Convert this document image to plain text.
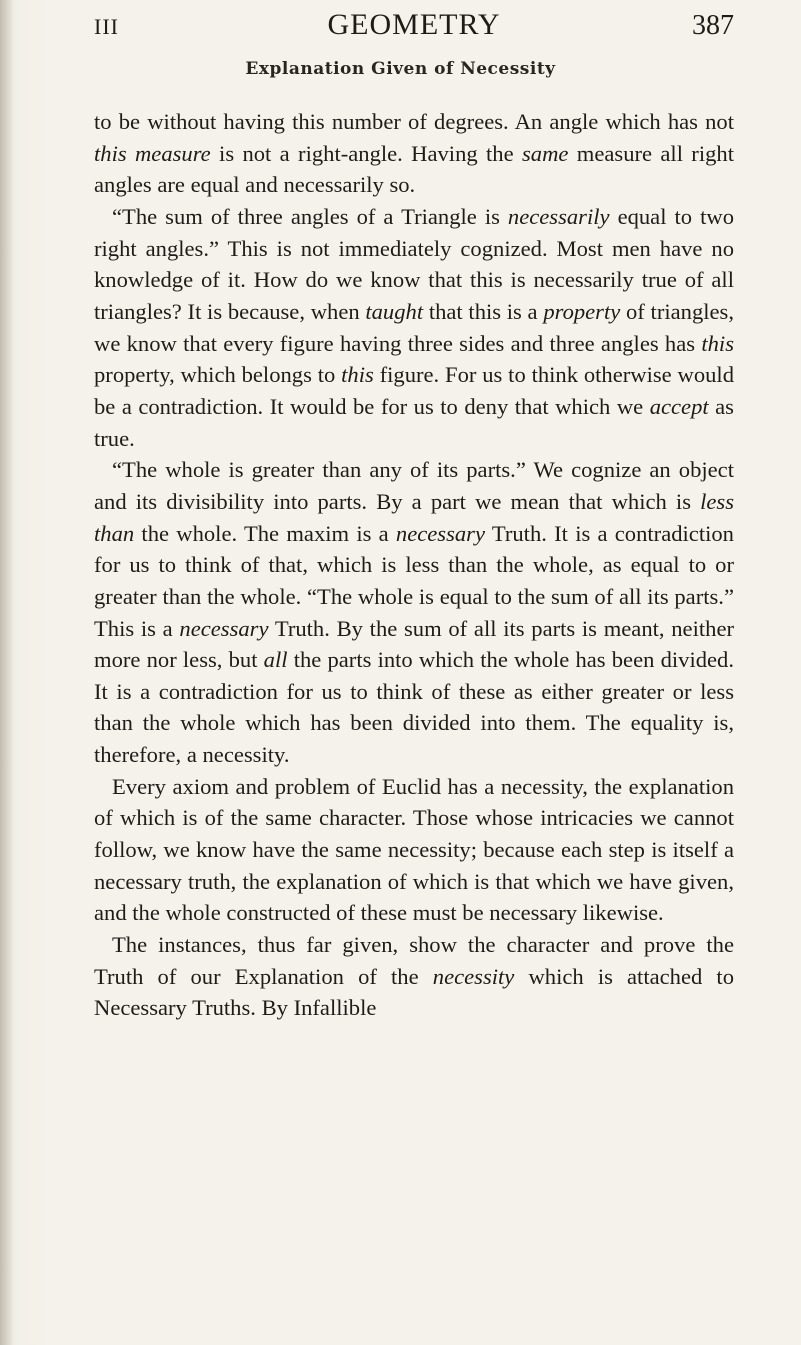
III	GEOMETRY	387
Explanation Given of Necessity

to be without having this number of degrees. An angle which has not this measure is not a right-angle. Having the same measure all right angles are equal and necessarily so.

“The sum of three angles of a Triangle is necessarily equal to two right angles.” This is not immediately cognized. Most men have no knowledge of it. How do we know that this is necessarily true of all triangles? It is because, when taught that this is a property of triangles, we know that every figure having three sides and three angles has this property, which belongs to this figure. For us to think otherwise would be a contradiction. It would be for us to deny that which we accept as true.

“The whole is greater than any of its parts.” We cognize an object and its divisibility into parts. By a part we mean that which is less than the whole. The maxim is a necessary Truth. It is a contradiction for us to think of that, which is less than the whole, as equal to or greater than the whole. “The whole is equal to the sum of all its parts.” This is a necessary Truth. By the sum of all its parts is meant, neither more nor less, but all the parts into which the whole has been divided. It is a contradiction for us to think of these as either greater or less than the whole which has been divided into them. The equality is, therefore, a necessity.

Every axiom and problem of Euclid has a necessity, the explanation of which is of the same character. Those whose intricacies we cannot follow, we know have the same necessity; because each step is itself a necessary truth, the explanation of which is that which we have given, and the whole constructed of these must be necessary likewise.

The instances, thus far given, show the character and prove the Truth of our Explanation of the necessity which is attached to Necessary Truths. By Infallible
